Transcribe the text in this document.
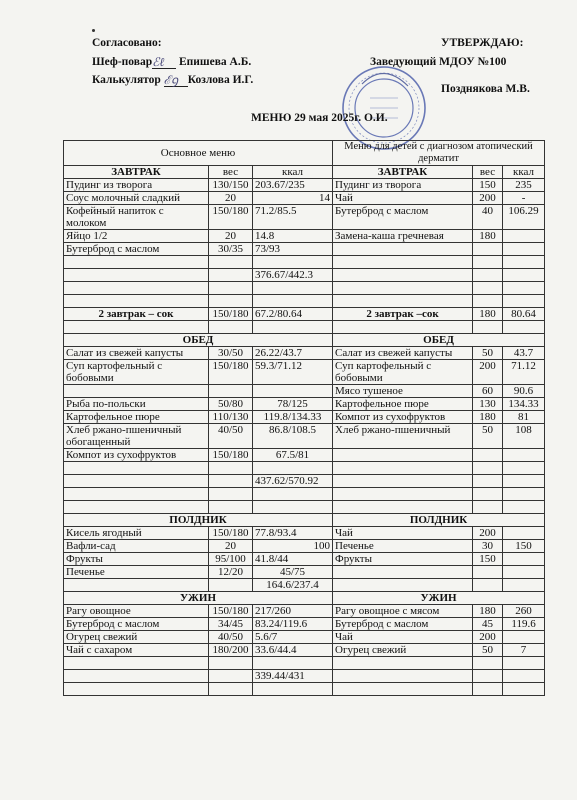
Согласовано:
Шеф-повар ℰℓ Епишева А.Б.
Калькулятор ℰꝯ Козлова И.Г.
УТВЕРЖДАЮ:
Заведующий МДОУ №100
Позднякова М.В.
МЕНЮ 29 мая 2025г. О.И.
Основное меню			Меню для детей с диагнозом атопический дерматит		
ЗАВТРАК	вес	ккал	ЗАВТРАК	вес	ккал
Пудинг из творога	130/150	203.67/235	Пудинг из творога	150	235
Соус молочный сладкий	20	14	Чай	200	-
Кофейный напиток с молоком	150/180	71.2/85.5	Бутерброд с маслом	40	106.29
Яйцо 1/2	20	14.8	Замена-каша гречневая	180	
Бутерброд с маслом	30/35	73/93			

		376.67/442.3			

2 завтрак – сок	150/180	67.2/80.64	2 завтрак –сок	180	80.64

ОБЕД			ОБЕД		
Салат из свежей капусты	30/50	26.22/43.7	Салат из свежей капусты	50	43.7
Суп картофельный с бобовыми	150/180	59.3/71.12	Суп картофельный с бобовыми	200	71.12
			Мясо тушеное	60	90.6
Рыба по-польски	50/80	78/125	Картофельное пюре	130	134.33
Картофельное пюре	110/130	119.8/134.33	Компот из сухофруктов	180	81
Хлеб ржано-пшеничный обогащенный	40/50	86.8/108.5	Хлеб ржано-пшеничный	50	108
Компот из сухофруктов	150/180	67.5/81			

		437.62/570.92			

ПОЛДНИК			ПОЛДНИК		
Кисель ягодный	150/180	77.8/93.4	Чай	200	
Вафли-сад	20	100	Печенье	30	150
Фрукты	95/100	41.8/44	Фрукты	150	
Печенье	12/20	45/75			
		164.6/237.4			
УЖИН			УЖИН		
Рагу овощное	150/180	217/260	Рагу овощное с мясом	180	260
Бутерброд с маслом	34/45	83.24/119.6	Бутерброд с маслом	45	119.6
Огурец свежий	40/50	5.6/7	Чай	200	
Чай с сахаром	180/200	33.6/44.4	Огурец свежий	50	7

		339.44/431			
